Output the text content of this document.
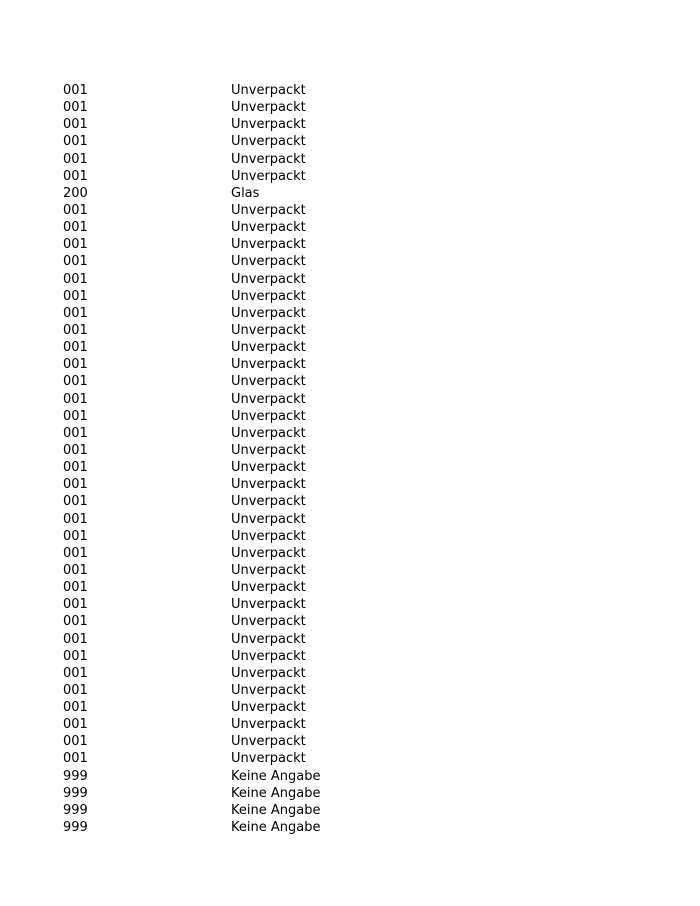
001	Unverpackt
001	Unverpackt
001	Unverpackt
001	Unverpackt
001	Unverpackt
001	Unverpackt
200	Glas
001	Unverpackt
001	Unverpackt
001	Unverpackt
001	Unverpackt
001	Unverpackt
001	Unverpackt
001	Unverpackt
001	Unverpackt
001	Unverpackt
001	Unverpackt
001	Unverpackt
001	Unverpackt
001	Unverpackt
001	Unverpackt
001	Unverpackt
001	Unverpackt
001	Unverpackt
001	Unverpackt
001	Unverpackt
001	Unverpackt
001	Unverpackt
001	Unverpackt
001	Unverpackt
001	Unverpackt
001	Unverpackt
001	Unverpackt
001	Unverpackt
001	Unverpackt
001	Unverpackt
001	Unverpackt
001	Unverpackt
001	Unverpackt
001	Unverpackt
999	Keine Angabe
999	Keine Angabe
999	Keine Angabe
999	Keine Angabe
